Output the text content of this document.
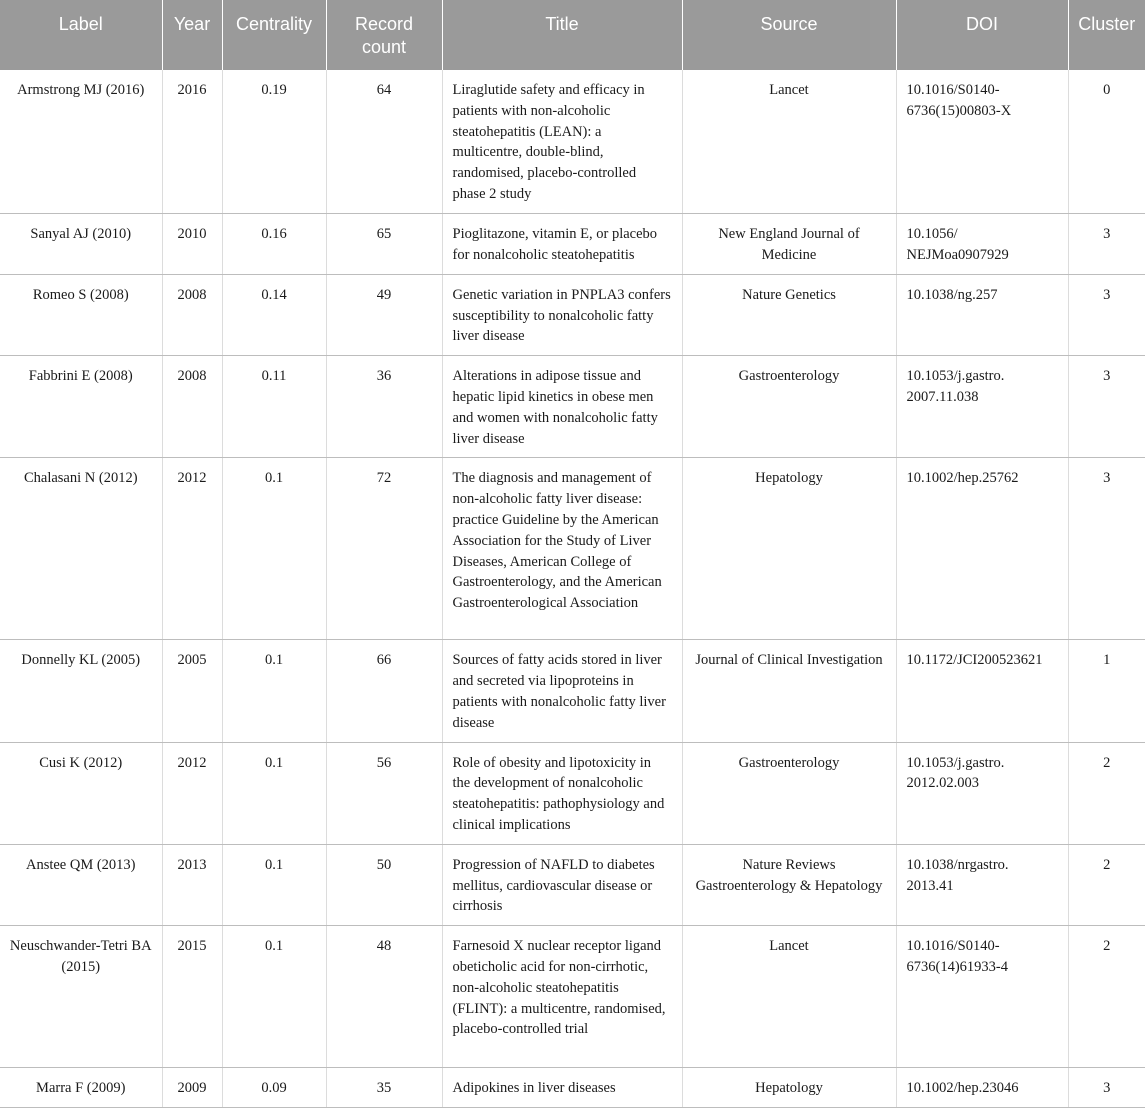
Label	Year	Centrality	Record count	Title	Source	DOI	Cluster
Armstrong MJ (2016)	2016	0.19	64	Liraglutide safety and efficacy in patients with non-alcoholic steatohepatitis (LEAN): a multicentre, double-blind, randomised, placebo-controlled phase 2 study	Lancet	10.1016/S0140-6736(15)00803-X	0
Sanyal AJ (2010)	2010	0.16	65	Pioglitazone, vitamin E, or placebo for nonalcoholic steatohepatitis	New England Journal of Medicine	10.1056/ NEJMoa0907929	3
Romeo S (2008)	2008	0.14	49	Genetic variation in PNPLA3 confers susceptibility to nonalcoholic fatty liver disease	Nature Genetics	10.1038/ng.257	3
Fabbrini E (2008)	2008	0.11	36	Alterations in adipose tissue and hepatic lipid kinetics in obese men and women with nonalcoholic fatty liver disease	Gastroenterology	10.1053/j.gastro. 2007.11.038	3
Chalasani N (2012)	2012	0.1	72	The diagnosis and management of non-alcoholic fatty liver disease: practice Guideline by the American Association for the Study of Liver Diseases, American College of Gastroenterology, and the American Gastroenterological Association	Hepatology	10.1002/hep.25762	3
Donnelly KL (2005)	2005	0.1	66	Sources of fatty acids stored in liver and secreted via lipoproteins in patients with nonalcoholic fatty liver disease	Journal of Clinical Investigation	10.1172/JCI200523621	1
Cusi K (2012)	2012	0.1	56	Role of obesity and lipotoxicity in the development of nonalcoholic steatohepatitis: pathophysiology and clinical implications	Gastroenterology	10.1053/j.gastro. 2012.02.003	2
Anstee QM (2013)	2013	0.1	50	Progression of NAFLD to diabetes mellitus, cardiovascular disease or cirrhosis	Nature Reviews Gastroenterology & Hepatology	10.1038/nrgastro. 2013.41	2
Neuschwander-Tetri BA (2015)	2015	0.1	48	Farnesoid X nuclear receptor ligand obeticholic acid for non-cirrhotic, non-alcoholic steatohepatitis (FLINT): a multicentre, randomised, placebo-controlled trial	Lancet	10.1016/S0140-6736(14)61933-4	2
Marra F (2009)	2009	0.09	35	Adipokines in liver diseases	Hepatology	10.1002/hep.23046	3
